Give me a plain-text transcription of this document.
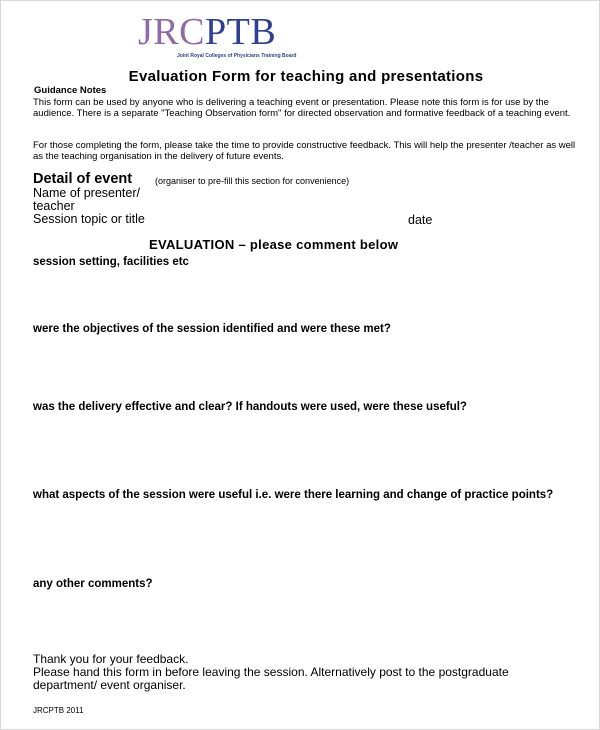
JRCPTB
Joint Royal Colleges of Physicians Training Board
Evaluation Form for teaching and presentations
Guidance Notes
This form can be used by anyone who is delivering a teaching event or presentation. Please note this form is for use by the audience. There is a separate "Teaching Observation form" for directed observation and formative feedback of a teaching event.
For those completing the form, please take the time to provide constructive feedback. This will help the presenter /teacher as well as the teaching organisation in the delivery of future events.
Detail of event	(organiser to pre-fill this section for convenience)
Name of presenter/ teacher
Session topic or title	date
EVALUATION – please comment below
session setting, facilities etc
were the objectives of the session identified and were these met?
was the delivery effective and clear? If handouts were used, were these useful?
what aspects of the session were useful i.e. were there learning and change of practice points?
any other comments?
Thank you for your feedback.
Please hand this form in before leaving the session. Alternatively post to the postgraduate department/ event organiser.
JRCPTB 2011
